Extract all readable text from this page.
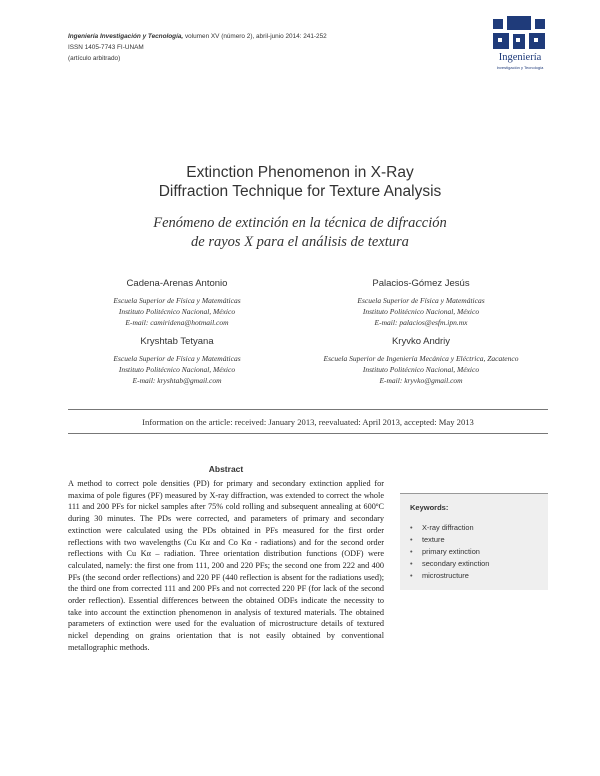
Ingeniería Investigación y Tecnología, volumen XV (número 2), abril-junio 2014: 241-252
ISSN 1405-7743 FI-UNAM
(artículo arbitrado)	Ingeniería
Investigación y Tecnología
Extinction Phenomenon in X-Ray
Diffraction Technique for Texture Analysis
Fenómeno de extinción en la técnica de difracción
de rayos X para el análisis de textura
Cadena-Arenas Antonio
Escuela Superior de Física y Matemáticas
Instituto Politécnico Nacional, México
E-mail: camiridena@hotmail.com
Palacios-Gómez Jesús
Escuela Superior de Física y Matemáticas
Instituto Politécnico Nacional, México
E-mail: palacios@esfm.ipn.mx
Kryshtab Tetyana
Escuela Superior de Física y Matemáticas
Instituto Politécnico Nacional, México
E-mail: kryshtab@gmail.com
Kryvko Andriy
Escuela Superior de Ingeniería Mecánica y Eléctrica, Zacatenco
Instituto Politécnico Nacional, México
E-mail: kryvko@gmail.com
Information on the article: received: January 2013, reevaluated: April 2013, accepted: May 2013
Abstract
A method to correct pole densities (PD) for primary and secondary extinction applied for maxima of pole figures (PF) measured by X-ray diffraction, was extended to correct the whole 111 and 200 PFs for nickel samples after 75% cold rolling and subsequent annealing at 600ºC during 30 minutes. The PDs were corrected, and parameters of primary and secondary extinction were calculated using the PDs obtained in PFs measured for the first order reflections with two wavelengths (Cu Kα and Co Kα - radiations) and for the second order reflections with Cu Kα – radiation. Three orientation distribution functions (ODF) were calculated, namely: the first one from 111, 200 and 220 PFs; the second one from 222 and 400 PFs (the second order reflections) and 220 PF (440 reflection is absent for the radiations used); the third one from corrected 111 and 200 PFs and not corrected 220 PF (for lack of the second order reflection). Essential differences between the obtained ODFs indicate the necessity to take into account the extinction phenomenon in analysis of textured materials. The obtained parameters of extinction were used for the evaluation of microstructure details of textured nickel depending on grains orientation that is not easily obtained by conventional metallographic methods.
Keywords:
• X-ray diffraction
• texture
• primary extinction
• secondary extinction
• microstructure
